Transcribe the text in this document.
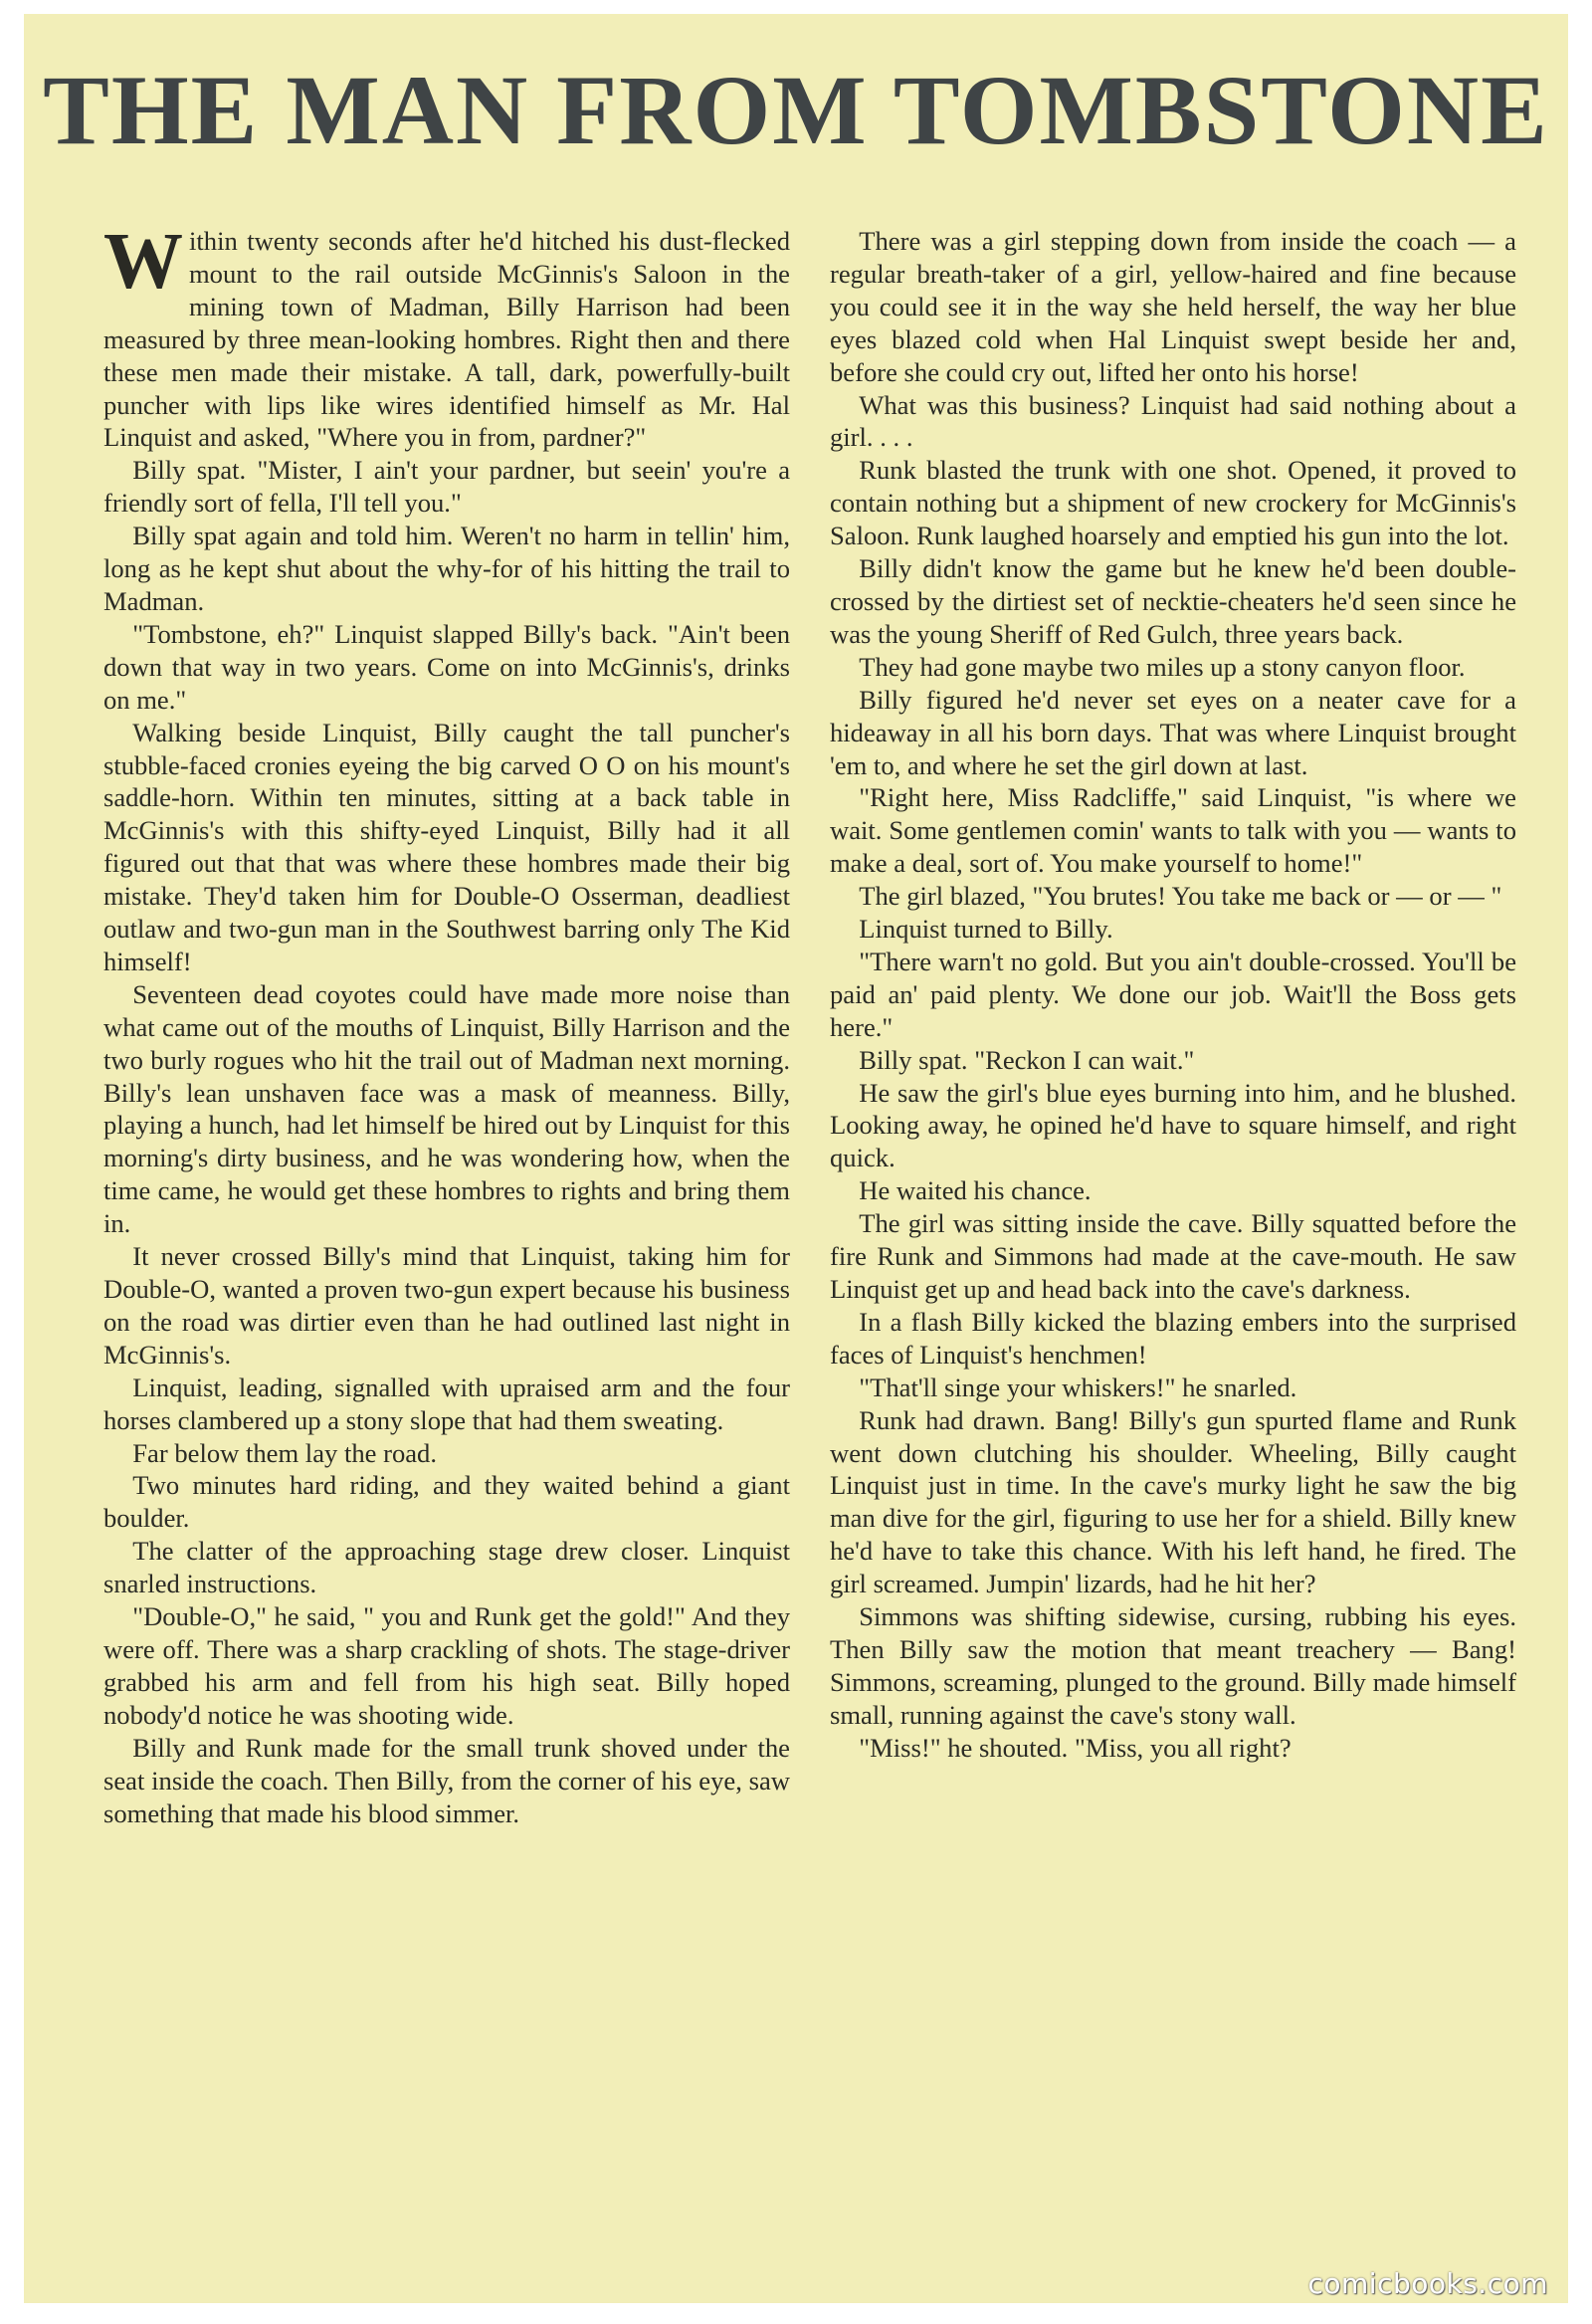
THE MAN FROM TOMBSTONE
W ithin twenty seconds after he'd hitched his dust-flecked mount to the rail outside McGinnis's Saloon in the mining town of Madman, Billy Harrison had been measured by three mean-looking hombres. Right then and there these men made their mistake. A tall, dark, powerfully-built puncher with lips like wires identified himself as Mr. Hal Linquist and asked, "Where you in from, pardner?"

Billy spat. "Mister, I ain't your pardner, but seein' you're a friendly sort of fella, I'll tell you."

Billy spat again and told him. Weren't no harm in tellin' him, long as he kept shut about the why-for of his hitting the trail to Madman.

"Tombstone, eh?" Linquist slapped Billy's back. "Ain't been down that way in two years. Come on into McGinnis's, drinks on me."

Walking beside Linquist, Billy caught the tall puncher's stubble-faced cronies eyeing the big carved O O on his mount's saddle-horn. Within ten minutes, sitting at a back table in McGinnis's with this shifty-eyed Linquist, Billy had it all figured out that that was where these hombres made their big mistake. They'd taken him for Double-O Osserman, deadliest outlaw and two-gun man in the Southwest barring only The Kid himself!

Seventeen dead coyotes could have made more noise than what came out of the mouths of Linquist, Billy Harrison and the two burly rogues who hit the trail out of Madman next morning. Billy's lean unshaven face was a mask of meanness. Billy, playing a hunch, had let himself be hired out by Linquist for this morning's dirty business, and he was wondering how, when the time came, he would get these hombres to rights and bring them in.

It never crossed Billy's mind that Linquist, taking him for Double-O, wanted a proven two-gun expert because his business on the road was dirtier even than he had outlined last night in McGinnis's.

Linquist, leading, signalled with upraised arm and the four horses clambered up a stony slope that had them sweating.

Far below them lay the road.

Two minutes hard riding, and they waited behind a giant boulder.

The clatter of the approaching stage drew closer. Linquist snarled instructions.

"Double-O," he said, " you and Runk get the gold!" And they were off. There was a sharp crackling of shots. The stage-driver grabbed his arm and fell from his high seat. Billy hoped nobody'd notice he was shooting wide.

Billy and Runk made for the small trunk shoved under the seat inside the coach. Then Billy, from the corner of his eye, saw something that made his blood simmer.

There was a girl stepping down from inside the coach — a regular breath-taker of a girl, yellow-haired and fine because you could see it in the way she held herself, the way her blue eyes blazed cold when Hal Linquist swept beside her and, before she could cry out, lifted her onto his horse!

What was this business? Linquist had said nothing about a girl. . . .

Runk blasted the trunk with one shot. Opened, it proved to contain nothing but a shipment of new crockery for McGinnis's Saloon. Runk laughed hoarsely and emptied his gun into the lot.

Billy didn't know the game but he knew he'd been double-crossed by the dirtiest set of necktie-cheaters he'd seen since he was the young Sheriff of Red Gulch, three years back.

They had gone maybe two miles up a stony canyon floor.

Billy figured he'd never set eyes on a neater cave for a hideaway in all his born days. That was where Linquist brought 'em to, and where he set the girl down at last.

"Right here, Miss Radcliffe," said Linquist, "is where we wait. Some gentlemen comin' wants to talk with you — wants to make a deal, sort of. You make yourself to home!"

The girl blazed, "You brutes! You take me back or — or — "

Linquist turned to Billy.

"There warn't no gold. But you ain't double-crossed. You'll be paid an' paid plenty. We done our job. Wait'll the Boss gets here."

Billy spat. "Reckon I can wait."

He saw the girl's blue eyes burning into him, and he blushed. Looking away, he opined he'd have to square himself, and right quick.

He waited his chance.

The girl was sitting inside the cave. Billy squatted before the fire Runk and Simmons had made at the cave-mouth. He saw Linquist get up and head back into the cave's darkness.

In a flash Billy kicked the blazing embers into the surprised faces of Linquist's henchmen!

"That'll singe your whiskers!" he snarled.

Runk had drawn. Bang! Billy's gun spurted flame and Runk went down clutching his shoulder. Wheeling, Billy caught Linquist just in time. In the cave's murky light he saw the big man dive for the girl, figuring to use her for a shield. Billy knew he'd have to take this chance. With his left hand, he fired. The girl screamed. Jumpin' lizards, had he hit her?

Simmons was shifting sidewise, cursing, rubbing his eyes. Then Billy saw the motion that meant treachery — Bang! Simmons, screaming, plunged to the ground. Billy made himself small, running against the cave's stony wall.

"Miss!" he shouted. "Miss, you all right?

comicbooks.com
